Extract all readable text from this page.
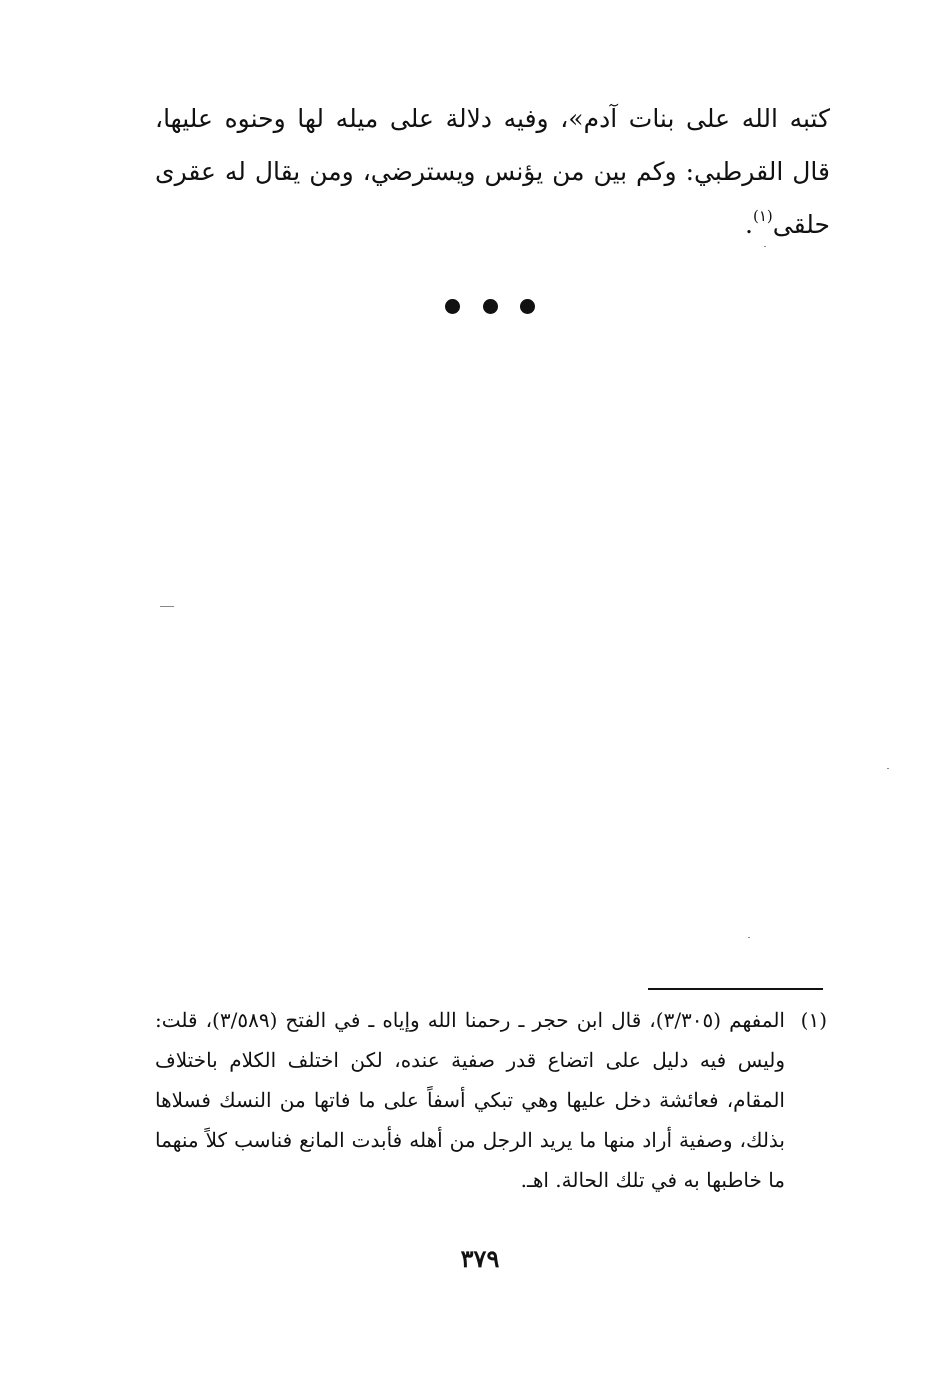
كتبه الله على بنات آدم»، وفيه دلالة على ميله لها وحنوه عليها، قال القرطبي: وكم بين من يؤنس ويسترضي، ومن يقال له عقرى حلقى$^{(١)}$.

(١)
المفهم (٣/٣٠٥)، قال ابن حجر ـ رحمنا الله وإياه ـ في الفتح (٣/٥٨٩)، قلت: وليس فيه دليل على اتضاع قدر صفية عنده، لكن اختلف الكلام باختلاف المقام، فعائشة دخل عليها وهي تبكي أسفاً على ما فاتها من النسك فسلاها بذلك، وصفية أراد منها ما يريد الرجل من أهله فأبدت المانع فناسب كلاً منهما ما خاطبها به في تلك الحالة. اهـ.
٣٧٩
